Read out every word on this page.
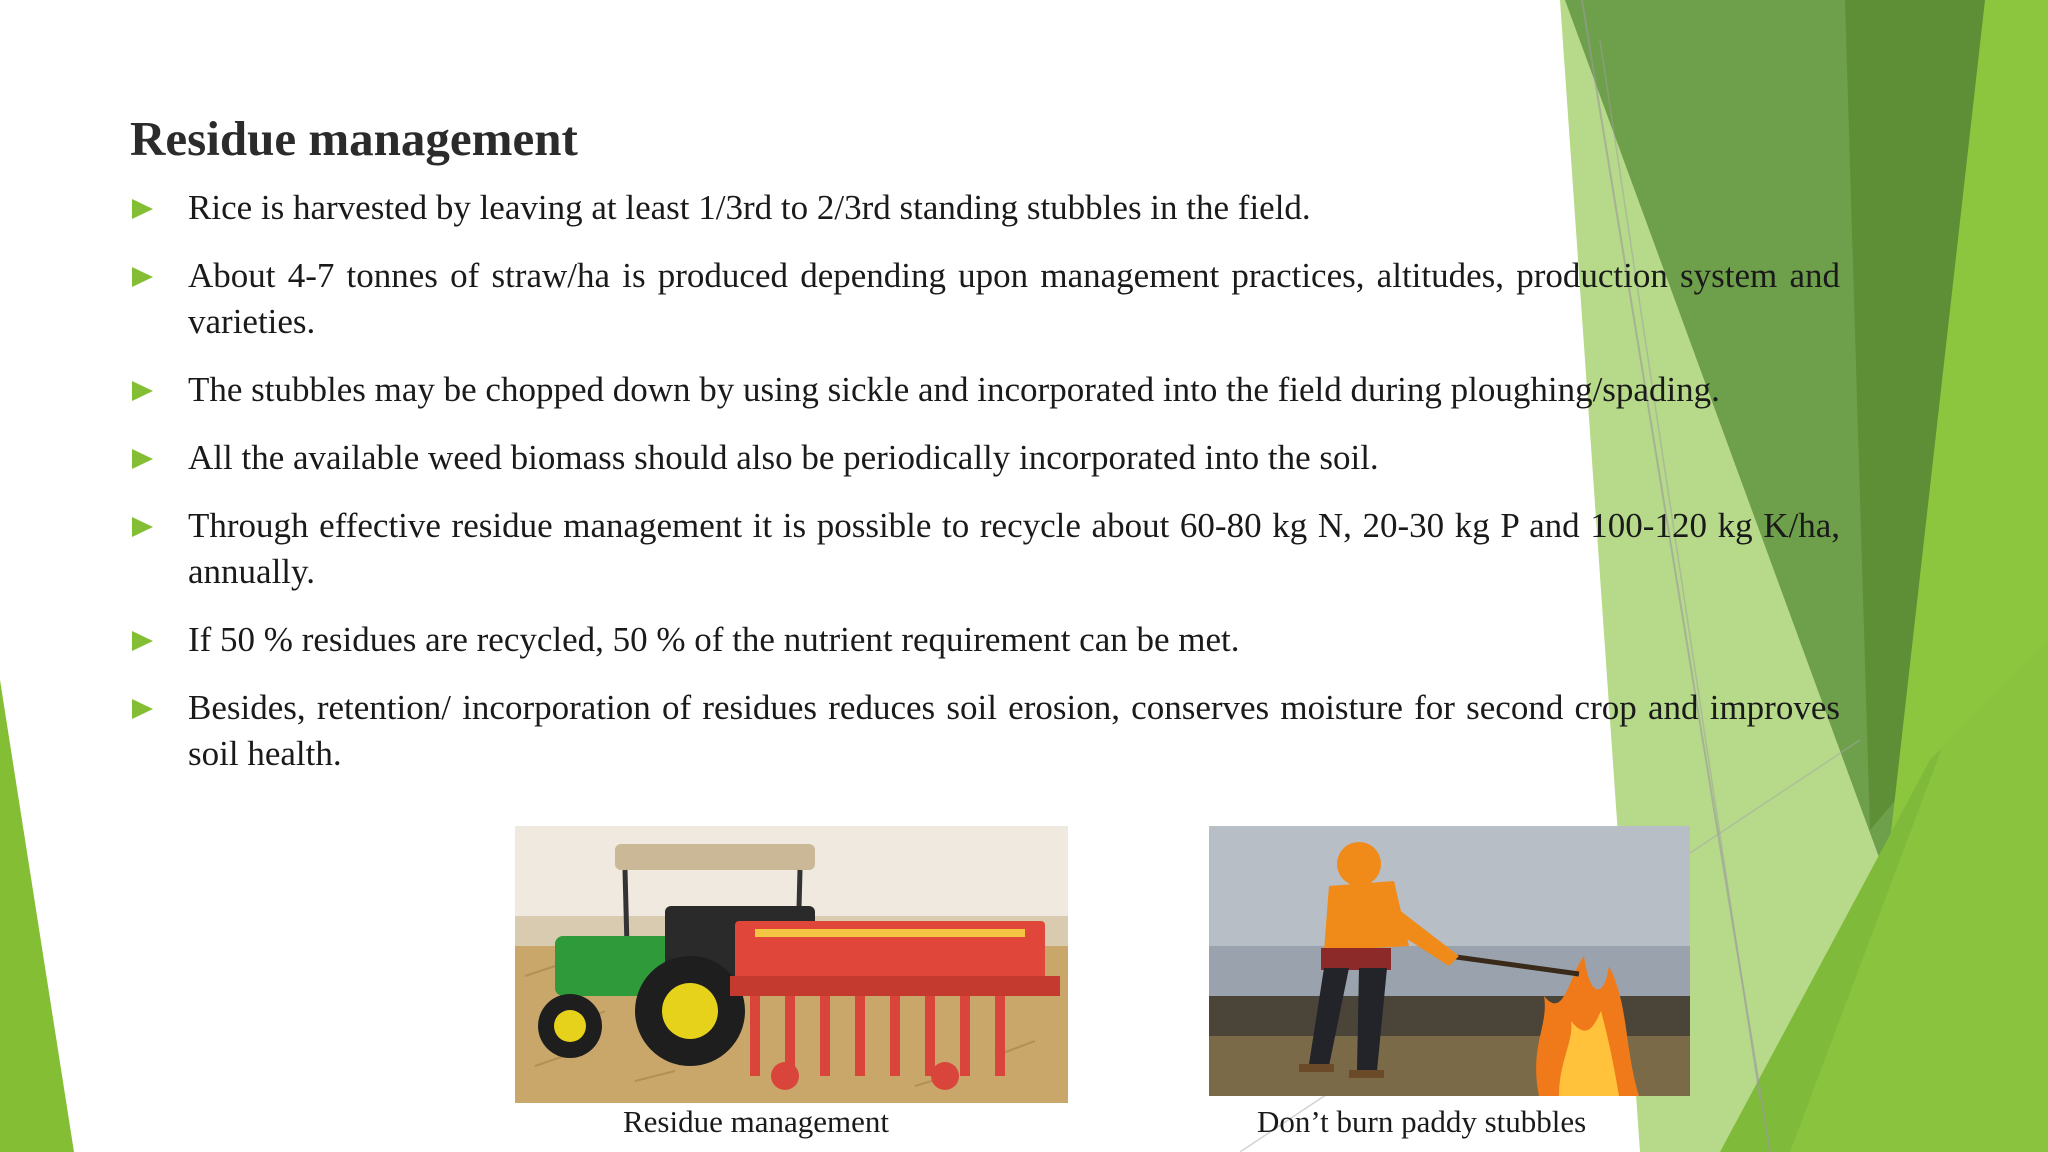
Residue management
Rice is harvested by leaving at least 1/3rd to 2/3rd standing stubbles in the field.
About 4-7 tonnes of straw/ha is produced depending upon management practices, altitudes, production system and varieties.
The stubbles may be chopped down by using sickle and incorporated into the field during ploughing/spading.
All the available weed biomass should also be periodically incorporated into the soil.
Through effective residue management it is possible to recycle about 60-80 kg N, 20-30 kg P and 100-120 kg K/ha, annually.
If 50 % residues are recycled, 50 % of the nutrient requirement can be met.
Besides, retention/ incorporation of residues reduces soil erosion, conserves moisture for second crop and improves soil health.
Residue management	Don’t burn paddy stubbles
